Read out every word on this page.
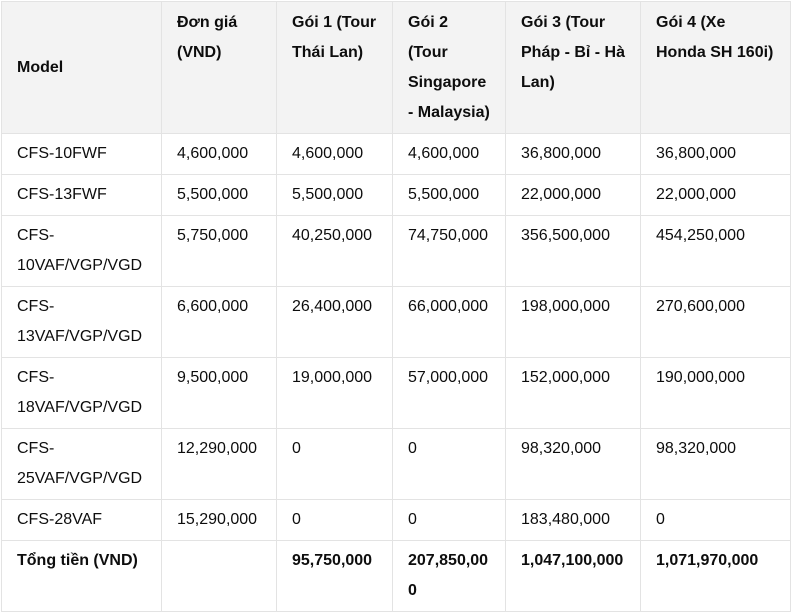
Model	Đơn giá (VND)	Gói 1 (Tour Thái Lan)	Gói 2 (Tour Singapore - Malaysia)	Gói 3 (Tour Pháp - Bỉ - Hà Lan)	Gói 4 (Xe Honda SH 160i)
CFS-10FWF	4,600,000	4,600,000	4,600,000	36,800,000	36,800,000
CFS-13FWF	5,500,000	5,500,000	5,500,000	22,000,000	22,000,000
CFS-10VAF/VGP/VGD	5,750,000	40,250,000	74,750,000	356,500,000	454,250,000
CFS-13VAF/VGP/VGD	6,600,000	26,400,000	66,000,000	198,000,000	270,600,000
CFS-18VAF/VGP/VGD	9,500,000	19,000,000	57,000,000	152,000,000	190,000,000
CFS-25VAF/VGP/VGD	12,290,000	0	0	98,320,000	98,320,000
CFS-28VAF	15,290,000	0	0	183,480,000	0
Tổng tiền (VND)		95,750,000	207,850,000	1,047,100,000	1,071,970,000
